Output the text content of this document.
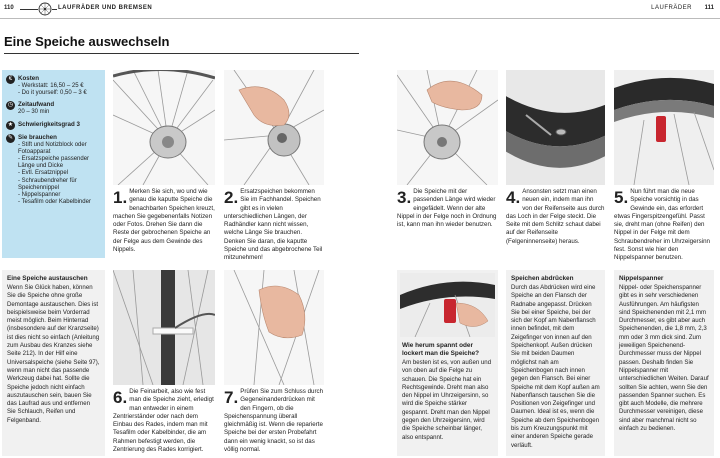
110	LAUFRÄDER UND BREMSEN	LAUFRÄDER 111
Eine Speiche auswechseln
€ Kosten
- Werkstatt: 16,50 – 25 €
- Do it yourself: 0,50 – 3 €
◷ Zeitaufwand
20 – 30 min
★ Schwierigkeitsgrad 3
✎ Sie brauchen
- Stift und Notizblock oder Fotoapparat
- Ersatzspeiche passender Länge und Dicke
- Evtl. Ersatznippel
- Schraubendreher für Speichennippel
- Nippelspanner
- Tesafilm oder Kabelbinder	1. Merken Sie sich, wo und wie genau die kaputte Speiche die benachbarten Speichen kreuzt, machen Sie gegebenenfalls Notizen oder Fotos. Drehen Sie dann die Reste der gebrochenen Speiche an der Felge aus dem Gewinde des Nippels.
2. Ersatzspeichen bekommen Sie im Fachhandel. Speichen gibt es in vielen unterschiedlichen Längen, der Radhändler kann nicht wissen, welche Länge Sie brauchen. Denken Sie daran, die kaputte Speiche und das abgebrochene Teil mitzunehmen!
3. Die Speiche mit der passenden Länge wird wieder eingefädelt. Wenn der alte Nippel in der Felge noch in Ordnung ist, kann man ihn wieder benutzen.
4. Ansonsten setzt man einen neuen ein, indem man ihn von der Reifenseite aus durch das Loch in der Felge steckt. Die Seite mit dem Schlitz schaut dabei auf der Reifenseite (Felgeninnenseite) heraus.
5. Nun führt man die neue Speiche vorsichtig in das Gewinde ein, das erfordert etwas Fingerspitzengefühl. Passt sie, dreht man (ohne Reifen) den Nippel in der Felge mit dem Schraubendreher im Uhrzeigersinn fest. Sonst wie hier den Nippelspanner benutzen.
Eine Speiche austauschen
Wenn Sie Glück haben, können Sie die Speiche ohne große Demontage austauschen. Dies ist beispielsweise beim Vorderrad meist möglich. Beim Hinterrad (insbesondere auf der Kranzseite) ist dies nicht so einfach (Anleitung zum Ausbau des Kranzes siehe Seite 212). In der Hilf eine Universalspeiche (siehe Seite 97), wenn man nicht das passende Werkzeug dabei hat. Sollte die Speiche jedoch nicht einfach auszutauschen sein, bauen Sie das Laufrad aus und entfernen Sie Schlauch, Reifen und Felgenband.
6. Die Feinarbeit, also wie fest man die Speiche zieht, erledigt man entweder in einem Zentrierständer oder nach dem Einbau des Rades, indem man mit Tesafilm oder Kabelbinder, die am Rahmen befestigt werden, die Zentrierung des Rades korrigiert.
7. Prüfen Sie zum Schluss durch Gegeneinanderdrücken mit den Fingern, ob die Speichenspannung überall gleichmäßig ist. Wenn die reparierte Speiche bei der ersten Probefahrt dann ein wenig knackt, so ist das völlig normal.
Wie herum spannt oder lockert man die Speiche?
Am besten ist es, von außen und von oben auf die Felge zu schauen. Die Speiche hat ein Rechtsgewinde. Dreht man also den Nippel im Uhrzeigersinn, so wird die Speiche stärker gespannt. Dreht man den Nippel gegen den Uhrzeigersinn, wird die Speiche scheinbar länger, also entspannt.
Speichen abdrücken
Durch das Abdrücken wird eine Speiche an den Flansch der Radnabe angepasst. Drücken Sie bei einer Speiche, bei der sich der Kopf am Nabenflansch innen befindet, mit dem Zeigefinger von innen auf den Speichenkopf. Außen drücken Sie mit beiden Daumen möglichst nah am Speichenbogen nach innen gegen den Flansch. Bei einer Speiche mit dem Kopf außen am Nabenflansch tauschen Sie die Positionen von Zeigefinger und Daumen. Ideal ist es, wenn die Speiche ab dem Speichenbogen bis zum Kreuzungspunkt mit einer anderen Speiche gerade verläuft.
Nippelspanner
Nippel- oder Speichenspanner gibt es in sehr verschiedenen Ausführungen. Am häufigsten sind Speichenenden mit 2,1 mm Durchmesser, es gibt aber auch Speichenenden, die 1,8 mm, 2,3 mm oder 3 mm dick sind. Zum jeweiligen Speichenend-Durchmesser muss der Nippel passen. Deshalb finden Sie Nippelspanner mit unterschiedlichen Weiten. Darauf sollten Sie achten, wenn Sie den passenden Spanner suchen. Es gibt auch Modelle, die mehrere Durchmesser vereinigen, diese sind aber manchmal nicht so einfach zu bedienen.
